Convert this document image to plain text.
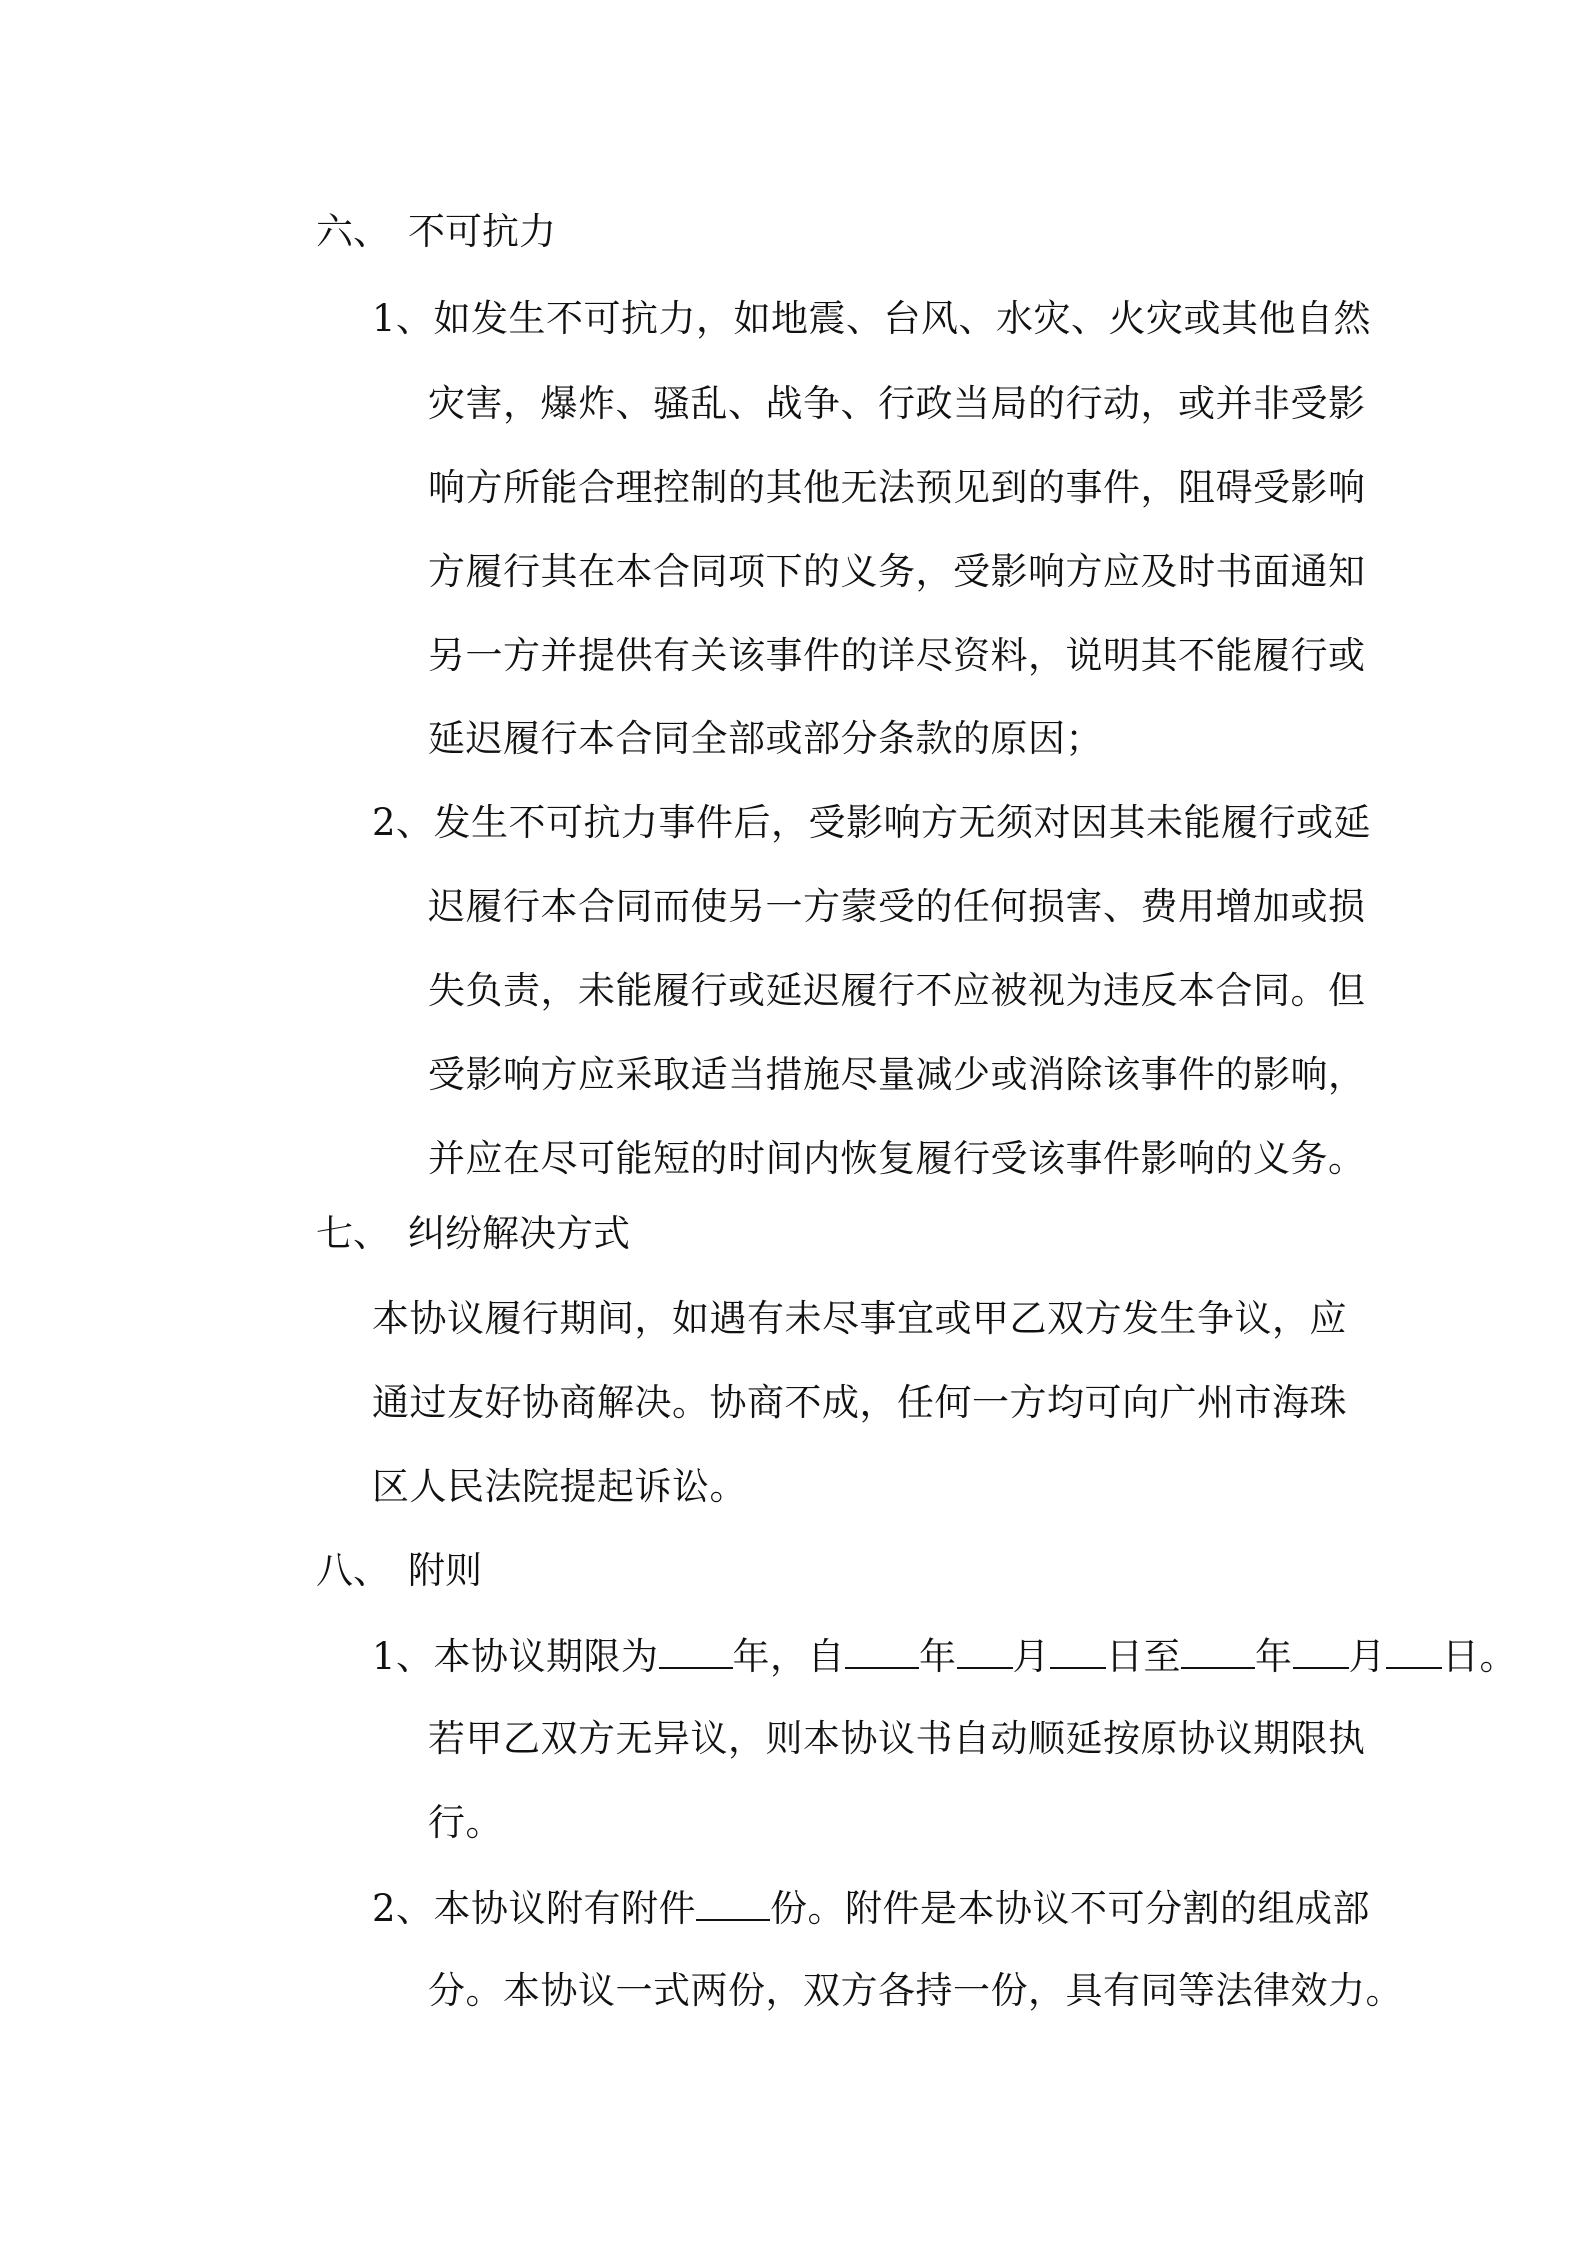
六、 不可抗力
1、如发生不可抗力，如地震、台风、水灾、火灾或其他自然
灾害，爆炸、骚乱、战争、行政当局的行动，或并非受影
响方所能合理控制的其他无法预见到的事件，阻碍受影响
方履行其在本合同项下的义务，受影响方应及时书面通知
另一方并提供有关该事件的详尽资料，说明其不能履行或
延迟履行本合同全部或部分条款的原因；
2、发生不可抗力事件后，受影响方无须对因其未能履行或延
迟履行本合同而使另一方蒙受的任何损害、费用增加或损
失负责，未能履行或延迟履行不应被视为违反本合同。但
受影响方应采取适当措施尽量减少或消除该事件的影响，
并应在尽可能短的时间内恢复履行受该事件影响的义务。
七、 纠纷解决方式
本协议履行期间，如遇有未尽事宜或甲乙双方发生争议，应
通过友好协商解决。协商不成，任何一方均可向广州市海珠
区人民法院提起诉讼。
八、 附则
1、本协议期限为 年，自 年 月 日至 年 月 日。
若甲乙双方无异议，则本协议书自动顺延按原协议期限执
行。
2、本协议附有附件 份。附件是本协议不可分割的组成部
分。本协议一式两份，双方各持一份，具有同等法律效力。
